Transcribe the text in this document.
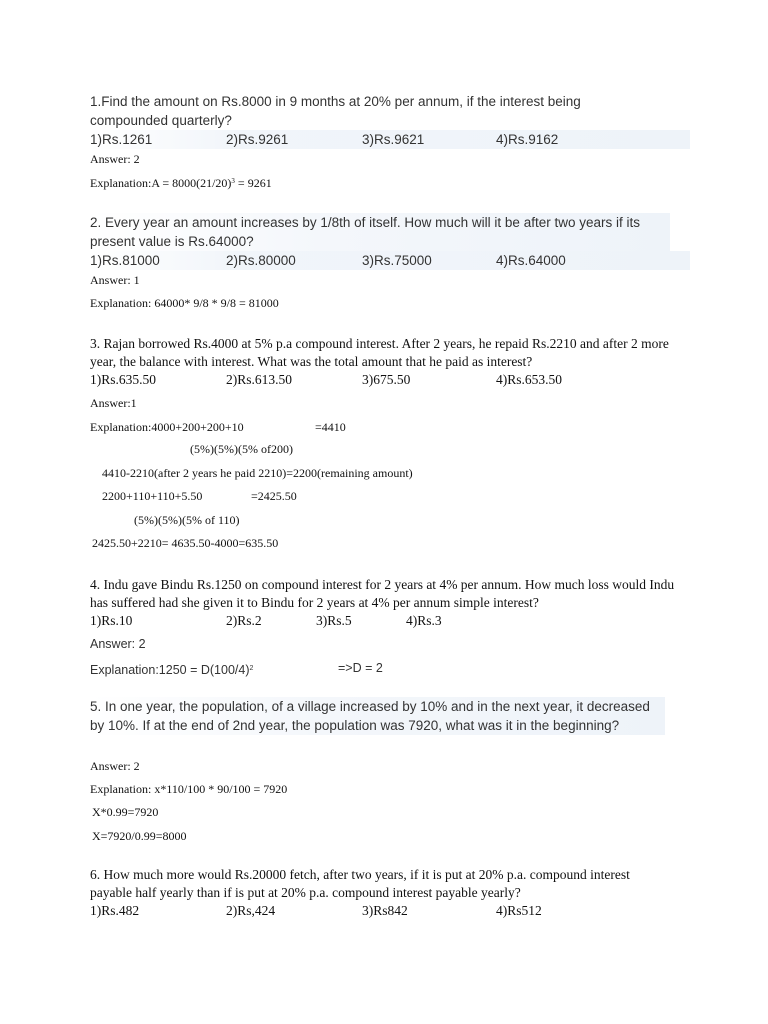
1.Find the amount on Rs.8000 in 9 months at 20% per annum, if the interest being compounded quarterly?
1)Rs.1261	2)Rs.9261	3)Rs.9621	4)Rs.9162
Answer: 2
Explanation:A = $8000(21/20)^3 = 9261$
2. Every year an amount increases by 1/8th of itself. How much will it be after two years if its present value is Rs.64000?
1)Rs.81000	2)Rs.80000	3)Rs.75000	4)Rs.64000
Answer: 1
Explanation: 64000* 9/8 * 9/8 = 81000
3. Rajan borrowed Rs.4000 at 5% p.a compound interest. After 2 years, he repaid Rs.2210 and after 2 more year, the balance with interest. What was the total amount that he paid as interest?
1)Rs.635.50	2)Rs.613.50	3)675.50	4)Rs.653.50
Answer:1
Explanation:4000+200+200+10	=4410
(5%)(5%)(5% of200)
4410-2210(after 2 years he paid 2210)=2200(remaining amount)
2200+110+110+5.50	=2425.50
(5%)(5%)(5% of 110)
2425.50+2210= 4635.50-4000=635.50
4. Indu gave Bindu Rs.1250 on compound interest for 2 years at 4% per annum. How much loss would Indu has suffered had she given it to Bindu for 2 years at 4% per annum simple interest?
1)Rs.10	2)Rs.2	3)Rs.5	4)Rs.3
Answer: 2
Explanation:1250 = $D(100/4)^2$	=>D = 2
5. In one year, the population, of a village increased by 10% and in the next year, it decreased by 10%. If at the end of 2nd year, the population was 7920, what was it in the beginning?
Answer: 2
Explanation: x*110/100 * 90/100 = 7920
X*0.99=7920
X=7920/0.99=8000
6. How much more would Rs.20000 fetch, after two years, if it is put at 20% p.a. compound interest payable half yearly than if is put at 20% p.a. compound interest payable yearly?
1)Rs.482	2)Rs,424	3)Rs842	4)Rs512
